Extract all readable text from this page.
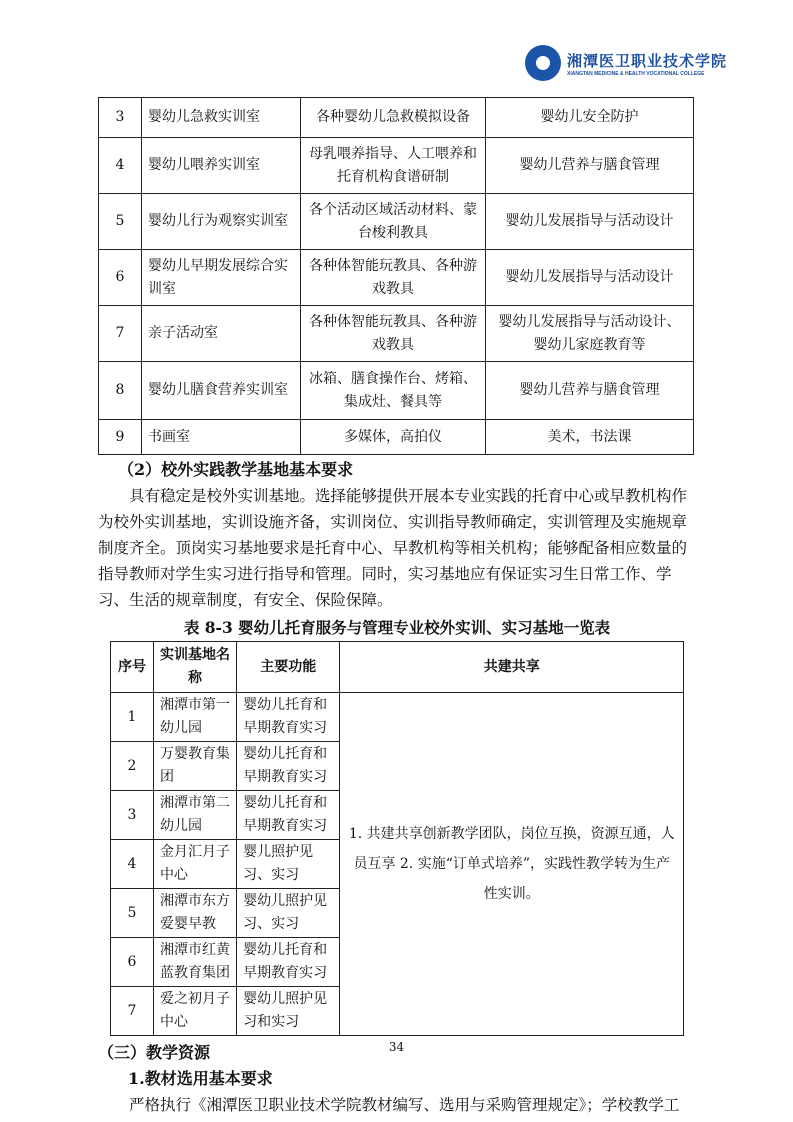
湘潭医卫职业技术学院
XIANGTAN MEDICINE & HEALTH VOCATIONAL COLLEGE
3	婴幼儿急救实训室	各种婴幼儿急救模拟设备	婴幼儿安全防护
4	婴幼儿喂养实训室	母乳喂养指导、人工喂养和托育机构食谱研制	婴幼儿营养与膳食管理
5	婴幼儿行为观察实训室	各个活动区域活动材料、蒙台梭利教具	婴幼儿发展指导与活动设计
6	婴幼儿早期发展综合实训室	各种体智能玩教具、各种游戏教具	婴幼儿发展指导与活动设计
7	亲子活动室	各种体智能玩教具、各种游戏教具	婴幼儿发展指导与活动设计、婴幼儿家庭教育等
8	婴幼儿膳食营养实训室	冰箱、膳食操作台、烤箱、集成灶、餐具等	婴幼儿营养与膳食管理
9	书画室	多媒体，高拍仪	美术，书法课
（2）校外实践教学基地基本要求
具有稳定是校外实训基地。选择能够提供开展本专业实践的托育中心或早教机构作为校外实训基地，实训设施齐备，实训岗位、实训指导教师确定，实训管理及实施规章制度齐全。顶岗实习基地要求是托育中心、早教机构等相关机构；能够配备相应数量的指导教师对学生实习进行指导和管理。同时，实习基地应有保证实习生日常工作、学习、生活的规章制度，有安全、保险保障。
表 8-3 婴幼儿托育服务与管理专业校外实训、实习基地一览表
序号	实训基地名称	主要功能	共建共享
1	湘潭市第一幼儿园	婴幼儿托育和早期教育实习	1. 共建共享创新教学团队，岗位互换，资源互通，人员互享 2. 实施“订单式培养”，实践性教学转为生产性实训。
2	万婴教育集团	婴幼儿托育和早期教育实习	
3	湘潭市第二幼儿园	婴幼儿托育和早期教育实习	
4	金月汇月子中心	婴儿照护见习、实习	
5	湘潭市东方爱婴早教	婴幼儿照护见习、实习	
6	湘潭市红黄蓝教育集团	婴幼儿托育和早期教育实习	
7	爱之初月子中心	婴幼儿照护见习和实习	
（三）教学资源
1.教材选用基本要求
严格执行《湘潭医卫职业技术学院教材编写、选用与采购管理规定》；学校教学工
34
